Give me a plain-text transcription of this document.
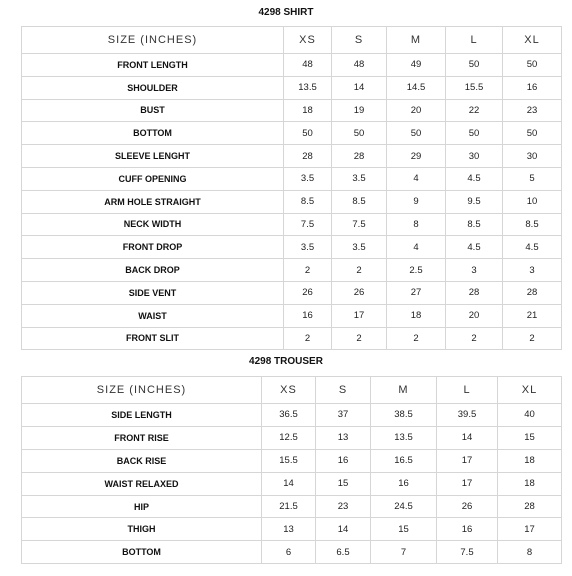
4298 SHIRT
SIZE (INCHES)	XS	S	M	L	XL
FRONT LENGTH	48	48	49	50	50
SHOULDER	13.5	14	14.5	15.5	16
BUST	18	19	20	22	23
BOTTOM	50	50	50	50	50
SLEEVE LENGHT	28	28	29	30	30
CUFF OPENING	3.5	3.5	4	4.5	5
ARM HOLE STRAIGHT	8.5	8.5	9	9.5	10
NECK WIDTH	7.5	7.5	8	8.5	8.5
FRONT DROP	3.5	3.5	4	4.5	4.5
BACK DROP	2	2	2.5	3	3
SIDE VENT	26	26	27	28	28
WAIST	16	17	18	20	21
FRONT SLIT	2	2	2	2	2
4298 TROUSER
SIZE (INCHES)	XS	S	M	L	XL
SIDE LENGTH	36.5	37	38.5	39.5	40
FRONT RISE	12.5	13	13.5	14	15
BACK RISE	15.5	16	16.5	17	18
WAIST RELAXED	14	15	16	17	18
HIP	21.5	23	24.5	26	28
THIGH	13	14	15	16	17
BOTTOM	6	6.5	7	7.5	8
